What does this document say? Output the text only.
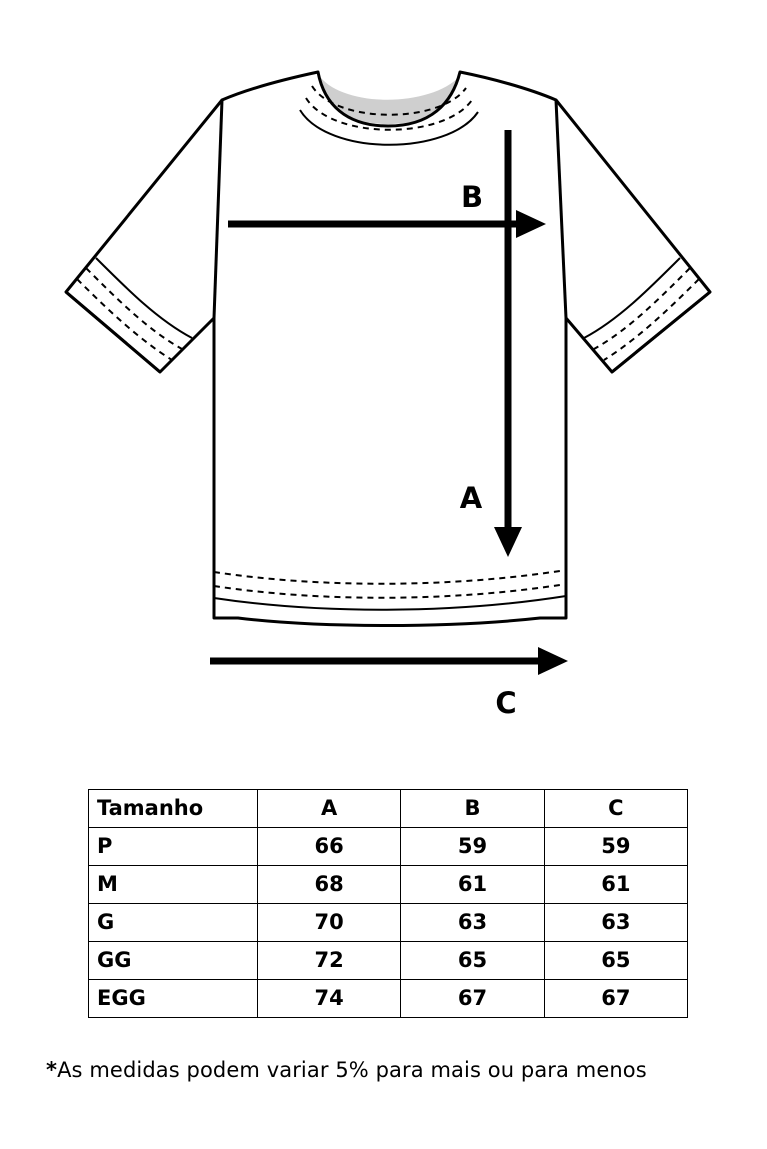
B
A
C
Tamanho	A	B	C
P	66	59	59
M	68	61	61
G	70	63	63
GG	72	65	65
EGG	74	67	67
*As medidas podem variar 5% para mais ou para menos
